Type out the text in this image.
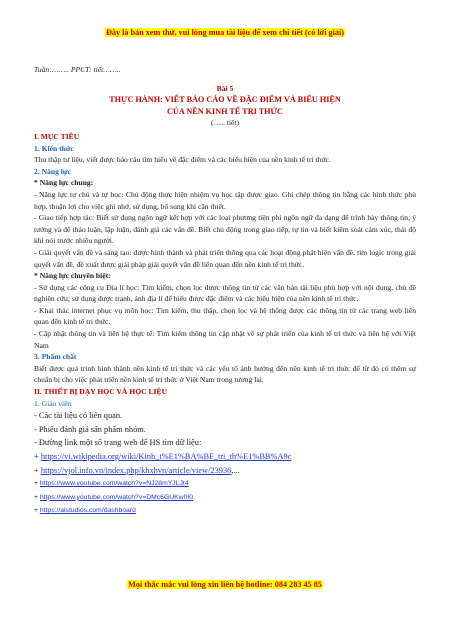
Đây là bản xem thử, vui lòng mua tài liệu để xem chi tiết (có lời giải)
Tuần:…….. PPCT: tiết……..
Bài 5
THỰC HÀNH: VIẾT BÁO CÁO VỀ ĐẶC ĐIỂM VÀ BIỂU HIỆN
CỦA NỀN KINH TẾ TRI THỨC
(….. tiết)
I. MỤC TIÊU
1. Kiến thức

Thu thập tư liệu, viết được báo cáo tìm hiểu về đặc điểm và các biểu hiện của nền kinh tế tri thức.

2. Năng lực
* Năng lực chung:

- Năng lực tự chủ và tự học: Chủ động thực hiện nhiệm vụ học tập được giao. Ghi chép thông tin bằng các hình thức phù hợp, thuận lợi cho việc ghi nhớ, sử dụng, bổ sung khi cần thiết.

- Giao tiếp hợp tác: Biết sử dụng ngôn ngữ kết hợp với các loại phương tiện phi ngôn ngữ đa dạng để trình bày thông tin, ý tưởng và để thảo luận, lập luận, đánh giá các vấn đề. Biết chủ động trong giao tiếp, tự tin và biết kiểm soát cảm xúc, thái độ khi nói trước nhiều người.

- Giải quyết vấn đề và sáng tạo: được hình thành và phát triển thông qua các hoạt động phát hiện vấn đề, tìm logic trong giải quyết vấn đề, đề xuất được giải pháp giải quyết vấn đề liên quan đến nền kinh tế tri thức.

* Năng lực chuyên biệt:

- Sử dụng các công cụ Địa lí học: Tìm kiếm, chọn lọc được thông tin từ các văn bản tài liệu phù hợp với nội dung, chủ đề nghiên cứu; sử dụng được tranh, ảnh địa lí để hiểu được đặc điểm và các biểu hiện của nền kinh tế tri thức.

- Khai thác internet phục vụ môn học: Tìm kiếm, thu thập, chọn lọc và hệ thống được các thông tin từ các trang web liên quan đến kinh tế tri thức.

- Cập nhật thông tin và liên hệ thực tế: Tìm kiếm thông tin cập nhật về sự phát triển của kinh tế tri thức và liên hệ với Việt Nam

3. Phẩm chất

Biết được quá trình hình thành nền kinh tế tri thức và các yếu tố ảnh hưởng đến nền kinh tế tri thức để từ đó có thêm sự chuẩn bị cho việc phát triển nền kinh tế tri thức ở Việt Nam trong tương lai.

II. THIẾT BỊ DẠY HỌC VÀ HỌC LIỆU
1. Giáo viên
- Các tài liệu có liên quan.
- Phiếu đánh giá sản phẩm nhóm.
- Đường link một số trang web để HS tìm dữ liệu:
+ https://vi.wikipedia.org/wiki/Kinh_t%E1%BA%BF_tri_th%E1%BB%A9c
+ https://vjol.info.vn/index.php/khxhvn/article/view/23936,...
+ https://www.youtube.com/watch?v=NJ28mYJLJt4
+ https://www.youtube.com/watch?v=DMc6GUKw0I0
+ https://aistudios.com/dashboard
Mọi thắc mắc vui lòng xin liên hệ hotline: 084 283 45 85
